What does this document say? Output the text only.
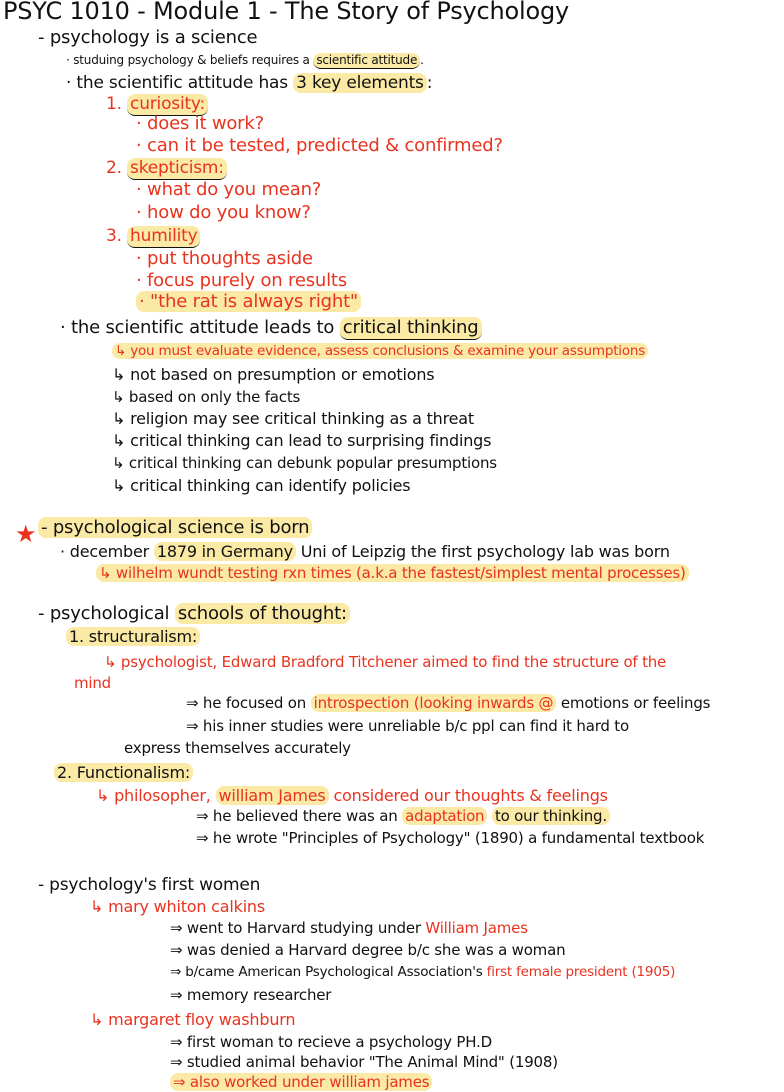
PSYC 1010 - Module 1 - The Story of Psychology
- psychology is a science
· studuing psychology & beliefs requires a scientific attitude .
· the scientific attitude has 3 key elements :
1. curiosity:
· does it work?
· can it be tested, predicted & confirmed?
2. skepticism:
· what do you mean?
· how do you know?
3. humility
· put thoughts aside
· focus purely on results
· "the rat is always right"
· the scientific attitude leads to critical thinking
↳ you must evaluate evidence, assess conclusions & examine your assumptions
↳ not based on presumption or emotions
↳ based on only the facts
↳ religion may see critical thinking as a threat
↳ critical thinking can lead to surprising findings
↳ critical thinking can debunk popular presumptions
↳ critical thinking can identify policies
★ - psychological science is born
· december 1879 in Germany Uni of Leipzig the first psychology lab was born
↳ wilhelm wundt testing rxn times (a.k.a the fastest/simplest mental processes)
- psychological schools of thought:
1. structuralism:
↳ psychologist, Edward Bradford Titchener aimed to find the structure of the
mind
⇒ he focused on introspection (looking inwards @ emotions or feelings
⇒ his inner studies were unreliable b/c ppl can find it hard to
express themselves accurately
2. Functionalism:
↳ philosopher, william James considered our thoughts & feelings
⇒ he believed there was an adaptation to our thinking.
⇒ he wrote "Principles of Psychology" (1890) a fundamental textbook
- psychology's first women
↳ mary whiton calkins
⇒ went to Harvard studying under William James
⇒ was denied a Harvard degree b/c she was a woman
⇒ b/came American Psychological Association's first female president (1905)
⇒ memory researcher
↳ margaret floy washburn
⇒ first woman to recieve a psychology PH.D
⇒ studied animal behavior "The Animal Mind" (1908)
⇒ also worked under william james
